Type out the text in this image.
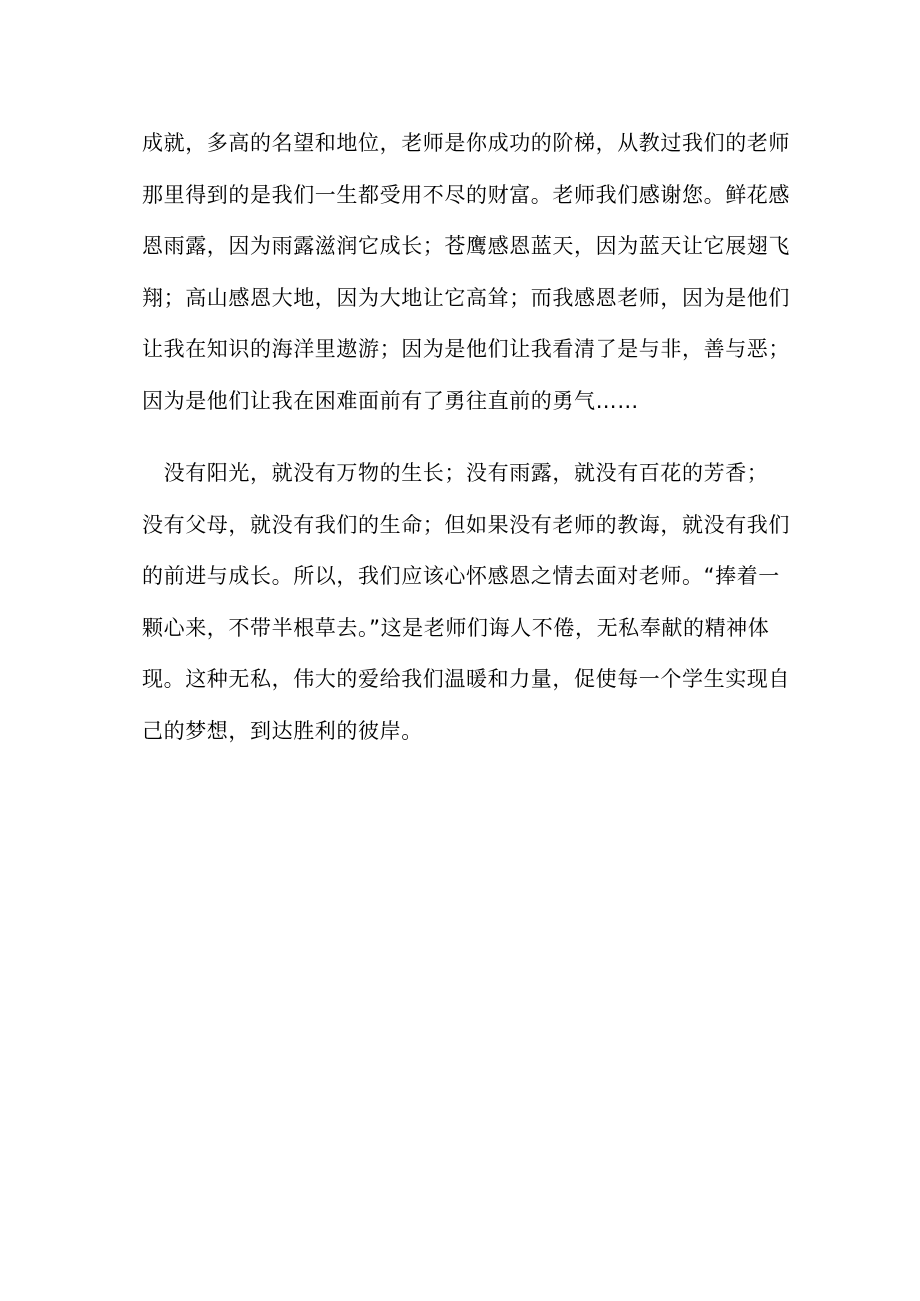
成就，多高的名望和地位，老师是你成功的阶梯，从教过我们的老师
那里得到的是我们一生都受用不尽的财富。老师我们感谢您。鲜花感
恩雨露，因为雨露滋润它成长；苍鹰感恩蓝天，因为蓝天让它展翅飞
翔；高山感恩大地，因为大地让它高耸；而我感恩老师，因为是他们
让我在知识的海洋里遨游；因为是他们让我看清了是与非，善与恶；
因为是他们让我在困难面前有了勇往直前的勇气……

　没有阳光，就没有万物的生长；没有雨露，就没有百花的芳香；
没有父母，就没有我们的生命；但如果没有老师的教诲，就没有我们
的前进与成长。所以，我们应该心怀感恩之情去面对老师。“捧着一
颗心来，不带半根草去。”这是老师们诲人不倦，无私奉献的精神体
现。这种无私，伟大的爱给我们温暖和力量，促使每一个学生实现自
己的梦想，到达胜利的彼岸。
